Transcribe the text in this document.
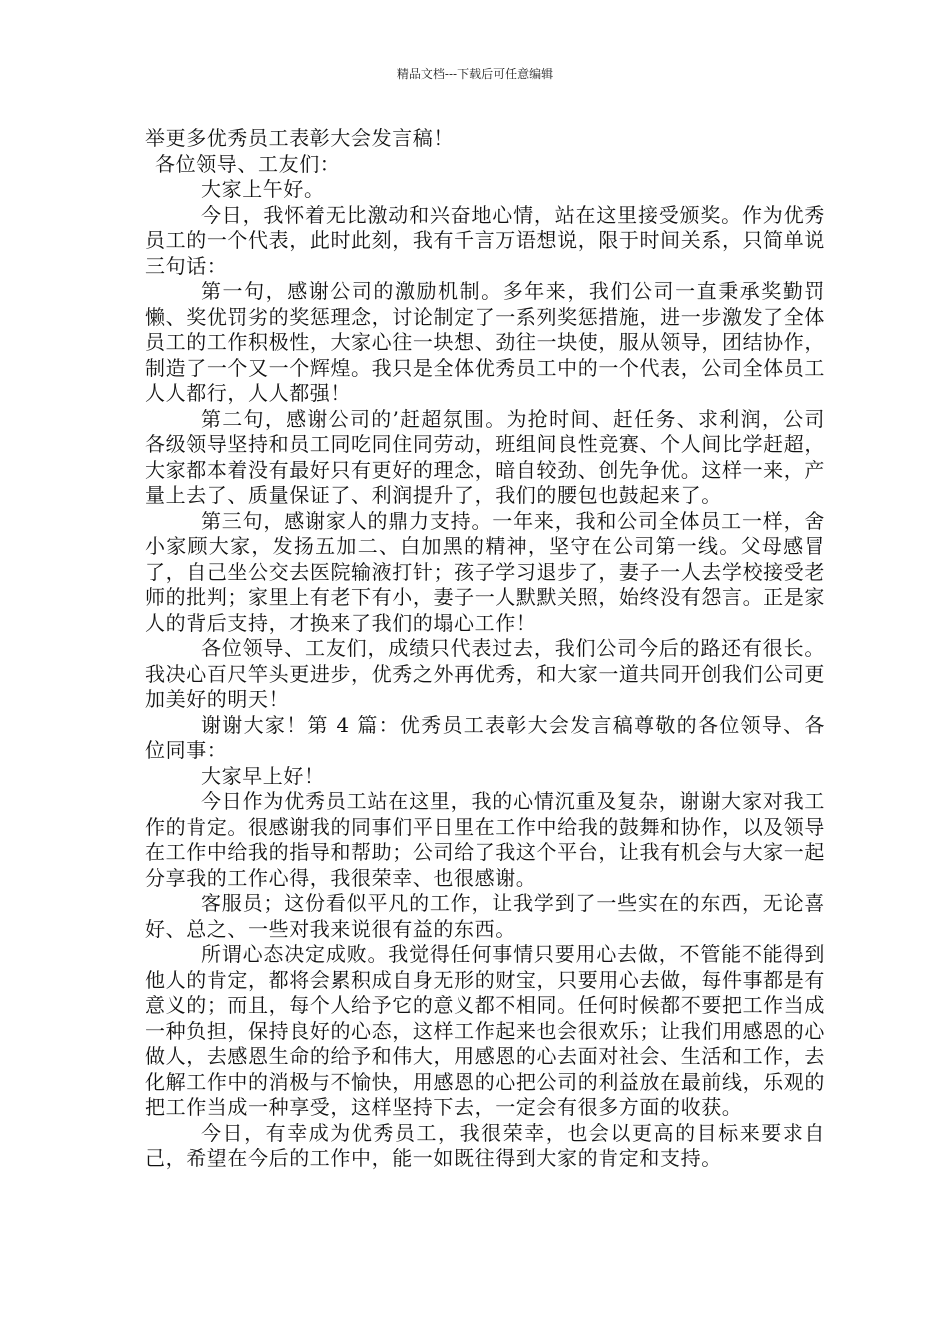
精品文档---下载后可任意编辑

举更多优秀员工表彰大会发言稿！

各位领导、工友们：

大家上午好。

今日，我怀着无比激动和兴奋地心情，站在这里接受颁奖。作为优秀员工的一个代表，此时此刻，我有千言万语想说，限于时间关系，只简单说三句话：

第一句，感谢公司的激励机制。多年来，我们公司一直秉承奖勤罚懒、奖优罚劣的奖惩理念，讨论制定了一系列奖惩措施，进一步激发了全体员工的工作积极性，大家心往一块想、劲往一块使，服从领导，团结协作，制造了一个又一个辉煌。我只是全体优秀员工中的一个代表，公司全体员工人人都行，人人都强！

第二句，感谢公司的’赶超氛围。为抢时间、赶任务、求利润，公司各级领导坚持和员工同吃同住同劳动，班组间良性竞赛、个人间比学赶超，大家都本着没有最好只有更好的理念，暗自较劲、创先争优。这样一来，产量上去了、质量保证了、利润提升了，我们的腰包也鼓起来了。

第三句，感谢家人的鼎力支持。一年来，我和公司全体员工一样，舍小家顾大家，发扬五加二、白加黑的精神，坚守在公司第一线。父母感冒了，自己坐公交去医院输液打针；孩子学习退步了，妻子一人去学校接受老师的批判；家里上有老下有小，妻子一人默默关照，始终没有怨言。正是家人的背后支持，才换来了我们的塌心工作！

各位领导、工友们，成绩只代表过去，我们公司今后的路还有很长。我决心百尺竿头更进步，优秀之外再优秀，和大家一道共同开创我们公司更加美好的明天！

谢谢大家！第 4 篇：优秀员工表彰大会发言稿尊敬的各位领导、各位同事：

大家早上好！

今日作为优秀员工站在这里，我的心情沉重及复杂，谢谢大家对我工作的肯定。很感谢我的同事们平日里在工作中给我的鼓舞和协作，以及领导在工作中给我的指导和帮助；公司给了我这个平台，让我有机会与大家一起分享我的工作心得，我很荣幸、也很感谢。

客服员；这份看似平凡的工作，让我学到了一些实在的东西，无论喜好、总之、一些对我来说很有益的东西。

所谓心态决定成败。我觉得任何事情只要用心去做，不管能不能得到他人的肯定，都将会累积成自身无形的财宝，只要用心去做，每件事都是有意义的；而且，每个人给予它的意义都不相同。任何时候都不要把工作当成一种负担，保持良好的心态，这样工作起来也会很欢乐；让我们用感恩的心做人，去感恩生命的给予和伟大，用感恩的心去面对社会、生活和工作，去化解工作中的消极与不愉快，用感恩的心把公司的利益放在最前线，乐观的把工作当成一种享受，这样坚持下去，一定会有很多方面的收获。

今日，有幸成为优秀员工，我很荣幸，也会以更高的目标来要求自己，希望在今后的工作中，能一如既往得到大家的肯定和支持。
